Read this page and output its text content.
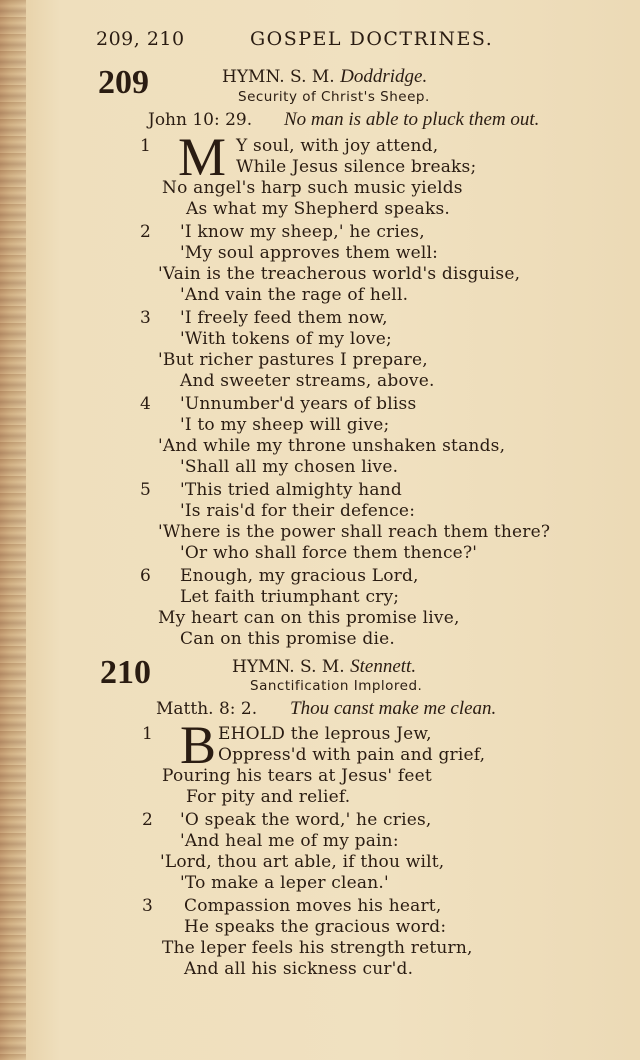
209, 210	GOSPEL DOCTRINES.
209	HYMN. S. M. Doddridge.
Security of Christ's Sheep.
John 10: 29. No man is able to pluck them out.
1 M Y soul, with joy attend,
While Jesus silence breaks;
No angel's harp such music yields
As what my Shepherd speaks.
2 'I know my sheep,' he cries,
'My soul approves them well:
'Vain is the treacherous world's disguise,
'And vain the rage of hell.
3 'I freely feed them now,
'With tokens of my love;
'But richer pastures I prepare,
And sweeter streams, above.
4 'Unnumber'd years of bliss
'I to my sheep will give;
'And while my throne unshaken stands,
'Shall all my chosen live.
5 'This tried almighty hand
'Is rais'd for their defence:
'Where is the power shall reach them there?
'Or who shall force them thence?'
6 Enough, my gracious Lord,
Let faith triumphant cry;
My heart can on this promise live,
Can on this promise die.
210	HYMN. S. M. Stennett.
Sanctification Implored.
Matth. 8: 2. Thou canst make me clean.
1 B EHOLD the leprous Jew,
Oppress'd with pain and grief,
Pouring his tears at Jesus' feet
For pity and relief.
2 'O speak the word,' he cries,
'And heal me of my pain:
'Lord, thou art able, if thou wilt,
'To make a leper clean.'
3 Compassion moves his heart,
He speaks the gracious word:
The leper feels his strength return,
And all his sickness cur'd.
